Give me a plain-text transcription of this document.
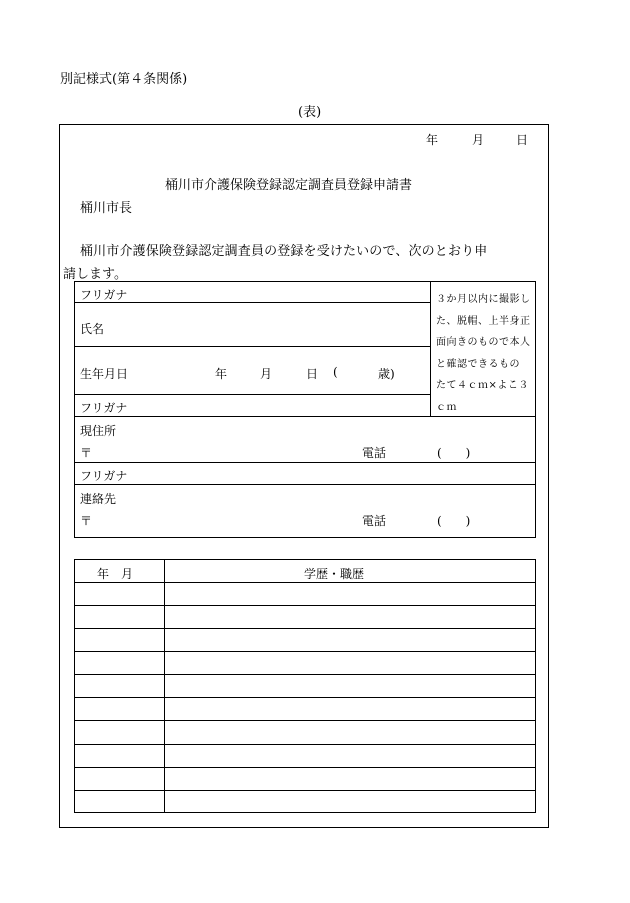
別記様式(第４条関係)
(表)
年	月	日
桶川市介護保険登録認定調査員登録申請書
桶川市長
桶川市介護保険登録認定調査員の登録を受けたいので、次のとおり申
請します。
フリガナ
氏名
生年月日	年	月	日 (	歳)
フリガナ
現住所
〒	電話	(　　)
フリガナ
連絡先
〒	電話	(　　)
３か月以内に撮影した、脱帽、上半身正面向きのもので本人と確認できるもの　たて４ｃｍ×よこ３ｃｍ
年　月	学歴・職歴
